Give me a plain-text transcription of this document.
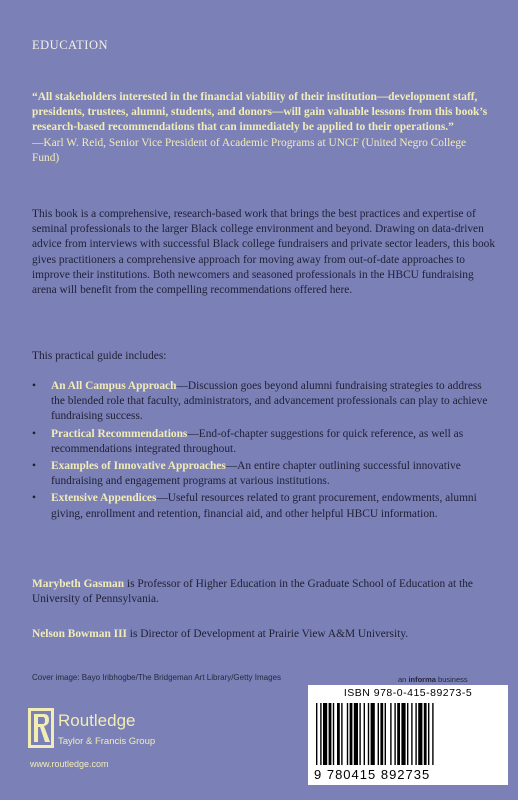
EDUCATION
“All stakeholders interested in the financial viability of their institution—development staff, presidents, trustees, alumni, students, and donors—will gain valuable lessons from this book’s research-based recommendations that can immediately be applied to their operations.”
—Karl W. Reid, Senior Vice President of Academic Programs at UNCF (United Negro College Fund)
This book is a comprehensive, research-based work that brings the best practices and expertise of seminal professionals to the larger Black college environment and beyond. Drawing on data-driven advice from interviews with successful Black college fundraisers and private sector leaders, this book gives practitioners a comprehensive approach for moving away from out-of-date approaches to improve their institutions. Both newcomers and seasoned professionals in the HBCU fundraising arena will benefit from the compelling recommendations offered here.
This practical guide includes:
• An All Campus Approach—Discussion goes beyond alumni fundraising strategies to address the blended role that faculty, administrators, and advancement professionals can play to achieve fundraising success.
• Practical Recommendations—End-of-chapter suggestions for quick reference, as well as recommendations integrated throughout.
• Examples of Innovative Approaches—An entire chapter outlining successful innovative fundraising and engagement programs at various institutions.
• Extensive Appendices—Useful resources related to grant procurement, endowments, alumni giving, enrollment and retention, financial aid, and other helpful HBCU information.
Marybeth Gasman is Professor of Higher Education in the Graduate School of Education at the University of Pennsylvania.
Nelson Bowman III is Director of Development at Prairie View A&M University.
Cover image: Bayo Iribhogbe/The Bridgeman Art Library/Getty Images	an informa business
ISBN 978-0-415-89273-5
9 780415 892735
Routledge
Taylor & Francis Group
www.routledge.com
